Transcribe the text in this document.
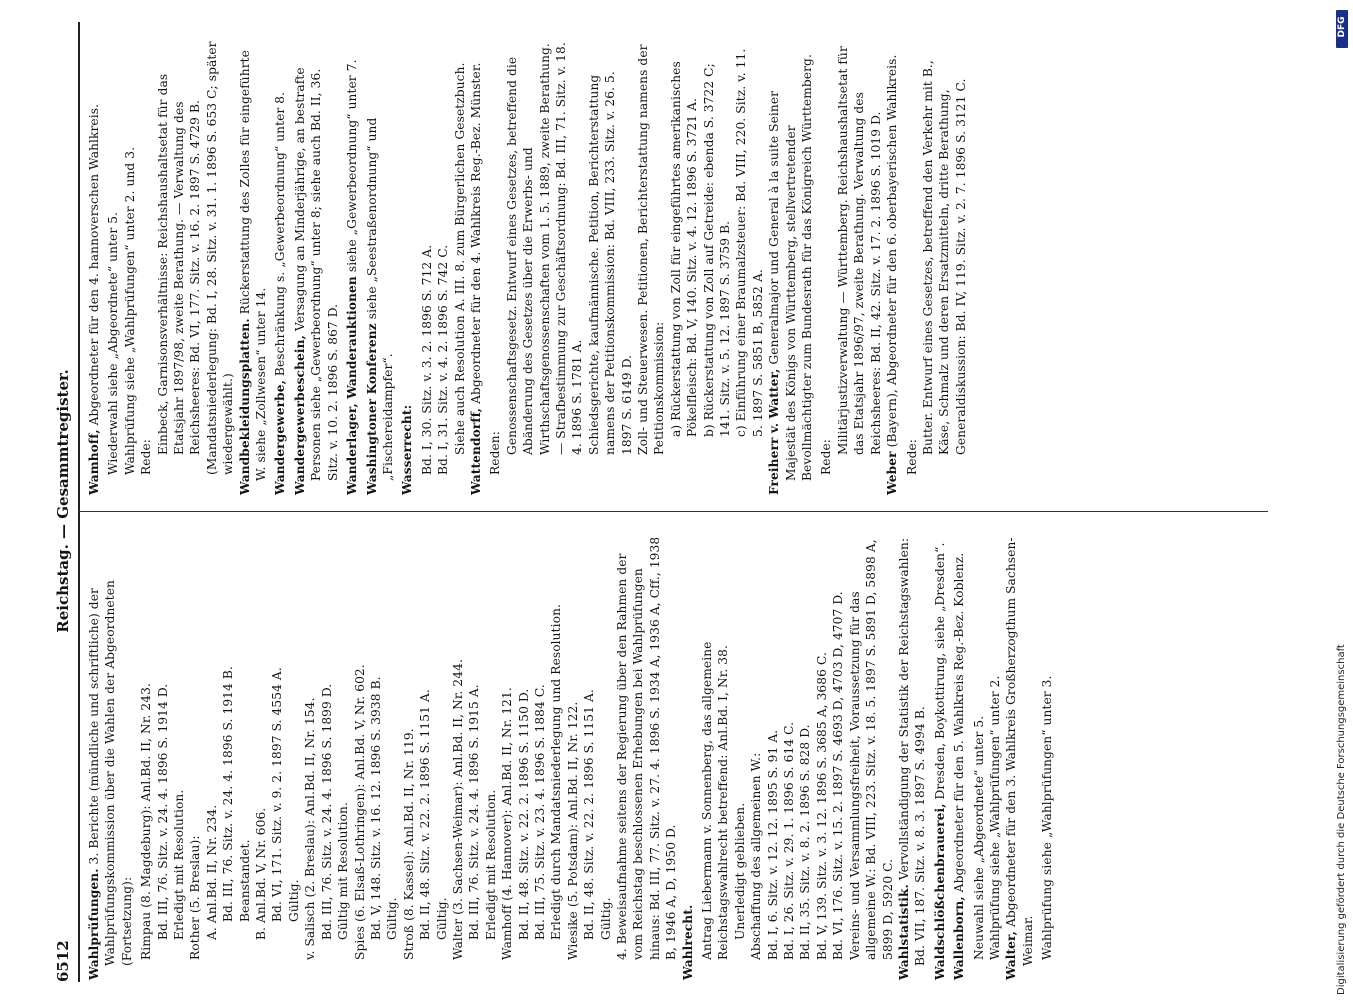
6512
Reichstag. — Gesammtregister.
Wahlprüfungen. 3. Berichte (mündliche und schriftliche) der Wahlprüfungskommission über die Wahlen der Abgeordneten (Fortsetzung): Rimpau (8. Magdeburg): Anl.Bd. II, Nr. 243. Bd. III, 76. Sitz. v. 24. 4. 1896 S. 1914 D. Erledigt mit Resolution. Rother (5. Breslau): A. Anl.Bd. II, Nr. 234. Bd. III, 76. Sitz. v. 24. 4. 1896 S. 1914 B. Beanstandet. B. Anl.Bd. V, Nr. 606. Bd. VI, 171. Sitz. v. 9. 2. 1897 S. 4554 A. Gültig. v. Salisch (2. Breslau): Anl.Bd. II, Nr. 154. Bd. III, 76. Sitz. v. 24. 4. 1896 S. 1899 D. Gültig mit Resolution. Spies (6. Elsaß-Lothringen): Anl.Bd. V, Nr. 602. Bd. V, 148. Sitz. v. 16. 12. 1896 S. 3938 B. Gültig. Stroß (8. Kassel): Anl.Bd. II, Nr. 119. Bd. II, 48. Sitz. v. 22. 2. 1896 S. 1151 A. Gültig. Walter (3. Sachsen-Weimar): Anl.Bd. II, Nr. 244. Bd. III, 76. Sitz. v. 24. 4. 1896 S. 1915 A. Erledigt mit Resolution. Wamhoff (4. Hannover): Anl.Bd. II, Nr. 121. Bd. II, 48. Sitz. v. 22. 2. 1896 S. 1150 D. Bd. III, 75. Sitz. v. 23. 4. 1896 S. 1884 C. Erledigt durch Mandatsniederlegung und Resolution. Wiesike (5. Potsdam): Anl.Bd. II, Nr. 122. Bd. II, 48. Sitz. v. 22. 2. 1896 S. 1151 A. Gültig. 4. Beweisaufnahme seitens der Regierung über den Rahmen der vom Reichstag beschlossenen Erhebungen bei Wahlprüfungen hinaus: Bd. III, 77. Sitz. v. 27. 4. 1896 S. 1934 A, 1936 A, Cff., 1938 B, 1946 A, D, 1950 D. Wahlrecht. Antrag Liebermann v. Sonnenberg, das allgemeine Reichstagswahlrecht betreffend: Anl.Bd. I, Nr. 38. Unerledigt geblieben. Abschaffung des allgemeinen W.: Bd. I, 6. Sitz. v. 12. 12. 1895 S. 91 A. Bd. I, 26. Sitz. v. 29. 1. 1896 S. 614 C. Bd. II, 35. Sitz. v. 8. 2. 1896 S. 828 D. Bd. V, 139. Sitz. v. 3. 12. 1896 S. 3685 A, 3686 C. Bd. VI, 176. Sitz. v. 15. 2. 1897 S. 4693 D, 4703 D, 4707 D. Vereins- und Versammlungsfreiheit, Voraussetzung für das allgemeine W.: Bd. VIII, 223. Sitz. v. 18. 5. 1897 S. 5891 D, 5898 A, 5899 D, 5920 C. Wahlstatistik. Vervollständigung der Statistik der Reichstagswahlen: Bd. VII, 187. Sitz. v. 8. 3. 1897 S. 4994 B. Waldschlößchenbrauerei, Dresden, Boykottirung, siehe „Dresden“.
Wallenborn, Abgeordneter für den 5. Wahlkreis Reg.-Bez. Koblenz. Neuwahl siehe „Abgeordnete“ unter 5. Wahlprüfung siehe „Wahlprüfungen“ unter 2. Walter, Abgeordneter für den 3. Wahlkreis Großherzogthum Sachsen-Weimar. Wahlprüfung siehe „Wahlprüfungen“ unter 3.
Wamhoff, Abgeordneter für den 4. hannoverschen Wahlkreis. Wiederwahl siehe „Abgeordnete“ unter 5. Wahlprüfung siehe „Wahlprüfungen“ unter 2. und 3. Rede:
Einbeck, Garnisonsverhältnisse: Reichshaushaltsetat für das Etatsjahr 1897/98, zweite Berathung. — Verwaltung des Reichsheeres: Bd. VI, 177. Sitz. v. 16. 2. 1897 S. 4729 B. (Mandatsniederlegung: Bd. I, 28. Sitz. v. 31. 1. 1896 S. 653 C; später wiedergewählt.) Wandbekleidungsplatten. Rückerstattung des Zolles für eingeführte W. siehe „Zollwesen“ unter 14. Wandergewerbe, Beschränkung s. „Gewerbeordnung“ unter 8.
Wandergewerbeschein, Versagung an Minderjährige, an bestrafte Personen siehe „Gewerbeordnung“ unter 8; siehe auch Bd. II, 36. Sitz. v. 10. 2. 1896 S. 867 D. Wanderlager, Wanderauktionen siehe „Gewerbeordnung“ unter 7.
Washingtoner Konferenz siehe „Seestraßenordnung“ und „Fischereidampfer“. Wasserrecht: Bd. I, 30. Sitz. v. 3. 2. 1896 S. 712 A. Bd. I, 31. Sitz. v. 4. 2. 1896 S. 742 C. Siehe auch Resolution A. III. 8. zum Bürgerlichen Gesetzbuch. Wattendorff, Abgeordneter für den 4. Wahlkreis Reg.-Bez. Münster.
Reden: Genossenschaftsgesetz. Entwurf eines Gesetzes, betreffend die Abänderung des Gesetzes über die Erwerbs- und Wirthschaftsgenossenschaften vom 1. 5. 1889, zweite Berathung. — Strafbestimmung zur Geschäftsordnung: Bd. III, 71. Sitz. v. 18. 4. 1896 S. 1781 A. Schiedsgerichte, kaufmännische. Petition, Berichterstattung namens der Petitionskommission: Bd. VIII, 233. Sitz. v. 26. 5. 1897 S. 6149 D. Zoll- und Steuerwesen. Petitionen, Berichterstattung namens der Petitionskommission: a) Rückerstattung von Zoll für eingeführtes amerikanisches Pökelfleisch: Bd. V, 140. Sitz. v. 4. 12. 1896 S. 3721 A. b) Rückerstattung von Zoll auf Getreide: ebenda S. 3722 C; 141. Sitz. v. 5. 12. 1897 S. 3759 B. c) Einführung einer Braumalzsteuer: Bd. VIII, 220. Sitz. v. 11. 5. 1897 S. 5851 B, 5852 A. Freiherr v. Watter, Generalmajor und General à la suite Seiner Majestät des Königs von Württemberg, stellvertretender Bevollmächtigter zum Bundesrath für das Königreich Württemberg. Rede:
Militärjustizverwaltung — Württemberg. Reichshaushaltsetat für das Etatsjahr 1896/97, zweite Berathung. Verwaltung des Reichsheeres: Bd. II, 42. Sitz. v. 17. 2. 1896 S. 1019 D.
Weber (Bayern), Abgeordneter für den 6. oberbayerischen Wahlkreis.
Rede:
Butter. Entwurf eines Gesetzes, betreffend den Verkehr mit B., Käse, Schmalz und deren Ersatzmitteln, dritte Berathung, Generaldiskussion: Bd. IV, 119. Sitz. v. 2. 7. 1896 S. 3121 C.
Digitalisierung gefördert durch die Deutsche Forschungsgemeinschaft
DFG
